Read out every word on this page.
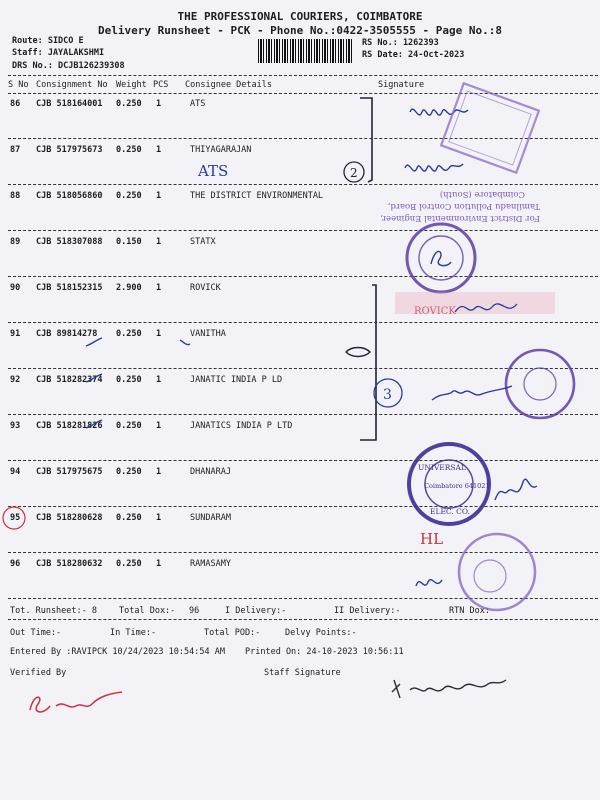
THE PROFESSIONAL COURIERS, COIMBATORE
Delivery Runsheet - PCK - Phone No.:0422-3505555 - Page No.:8
Route: SIDCO E
Staff: JAYALAKSHMI
DRS No.: DCJB126239308
RS No.: 1262393
RS Date: 24-Oct-2023
S No Consignment No Weight PCS Consignee Details	Signature
86 CJB 518164001 0.250 1	ATS
87 CJB 517975673 0.250 1	THIYAGARAJAN
88 CJB 518056860 0.250 1	THE DISTRICT ENVIRONMENTAL
89 CJB 518307088 0.150 1	STATX
90 CJB 518152315 2.900 1	ROVICK
91 CJB 89814278 0.250 1	VANITHA
92 CJB 518282374 0.250 1	JANATIC INDIA P LD
93 CJB 518281826 0.250 1	JANATICS INDIA P LTD
94 CJB 517975675 0.250 1	DHANARAJ
95 CJB 518280628 0.250 1	SUNDARAM
96 CJB 518280632 0.250 1	RAMASAMY
Tot. Runsheet:- 8	Total Dox:- 96	I Delivery:-	II Delivery:-	RTN Dox:
Out Time:-	In Time:-	Total POD:-	Delvy Points:-
Entered By :RAVIPCK 10/24/2023 10:54:54 AM Printed On: 24-10-2023 10:56:11
Verified By	Staff Signature
ATS	2
3
For District Environmental Engineer,
Tamilnadu Pollution Control Board,
Coimbatore (South)
ROVICK
UNIVERSAL
Coimbatore 641021
ELEC. CO.
HL
